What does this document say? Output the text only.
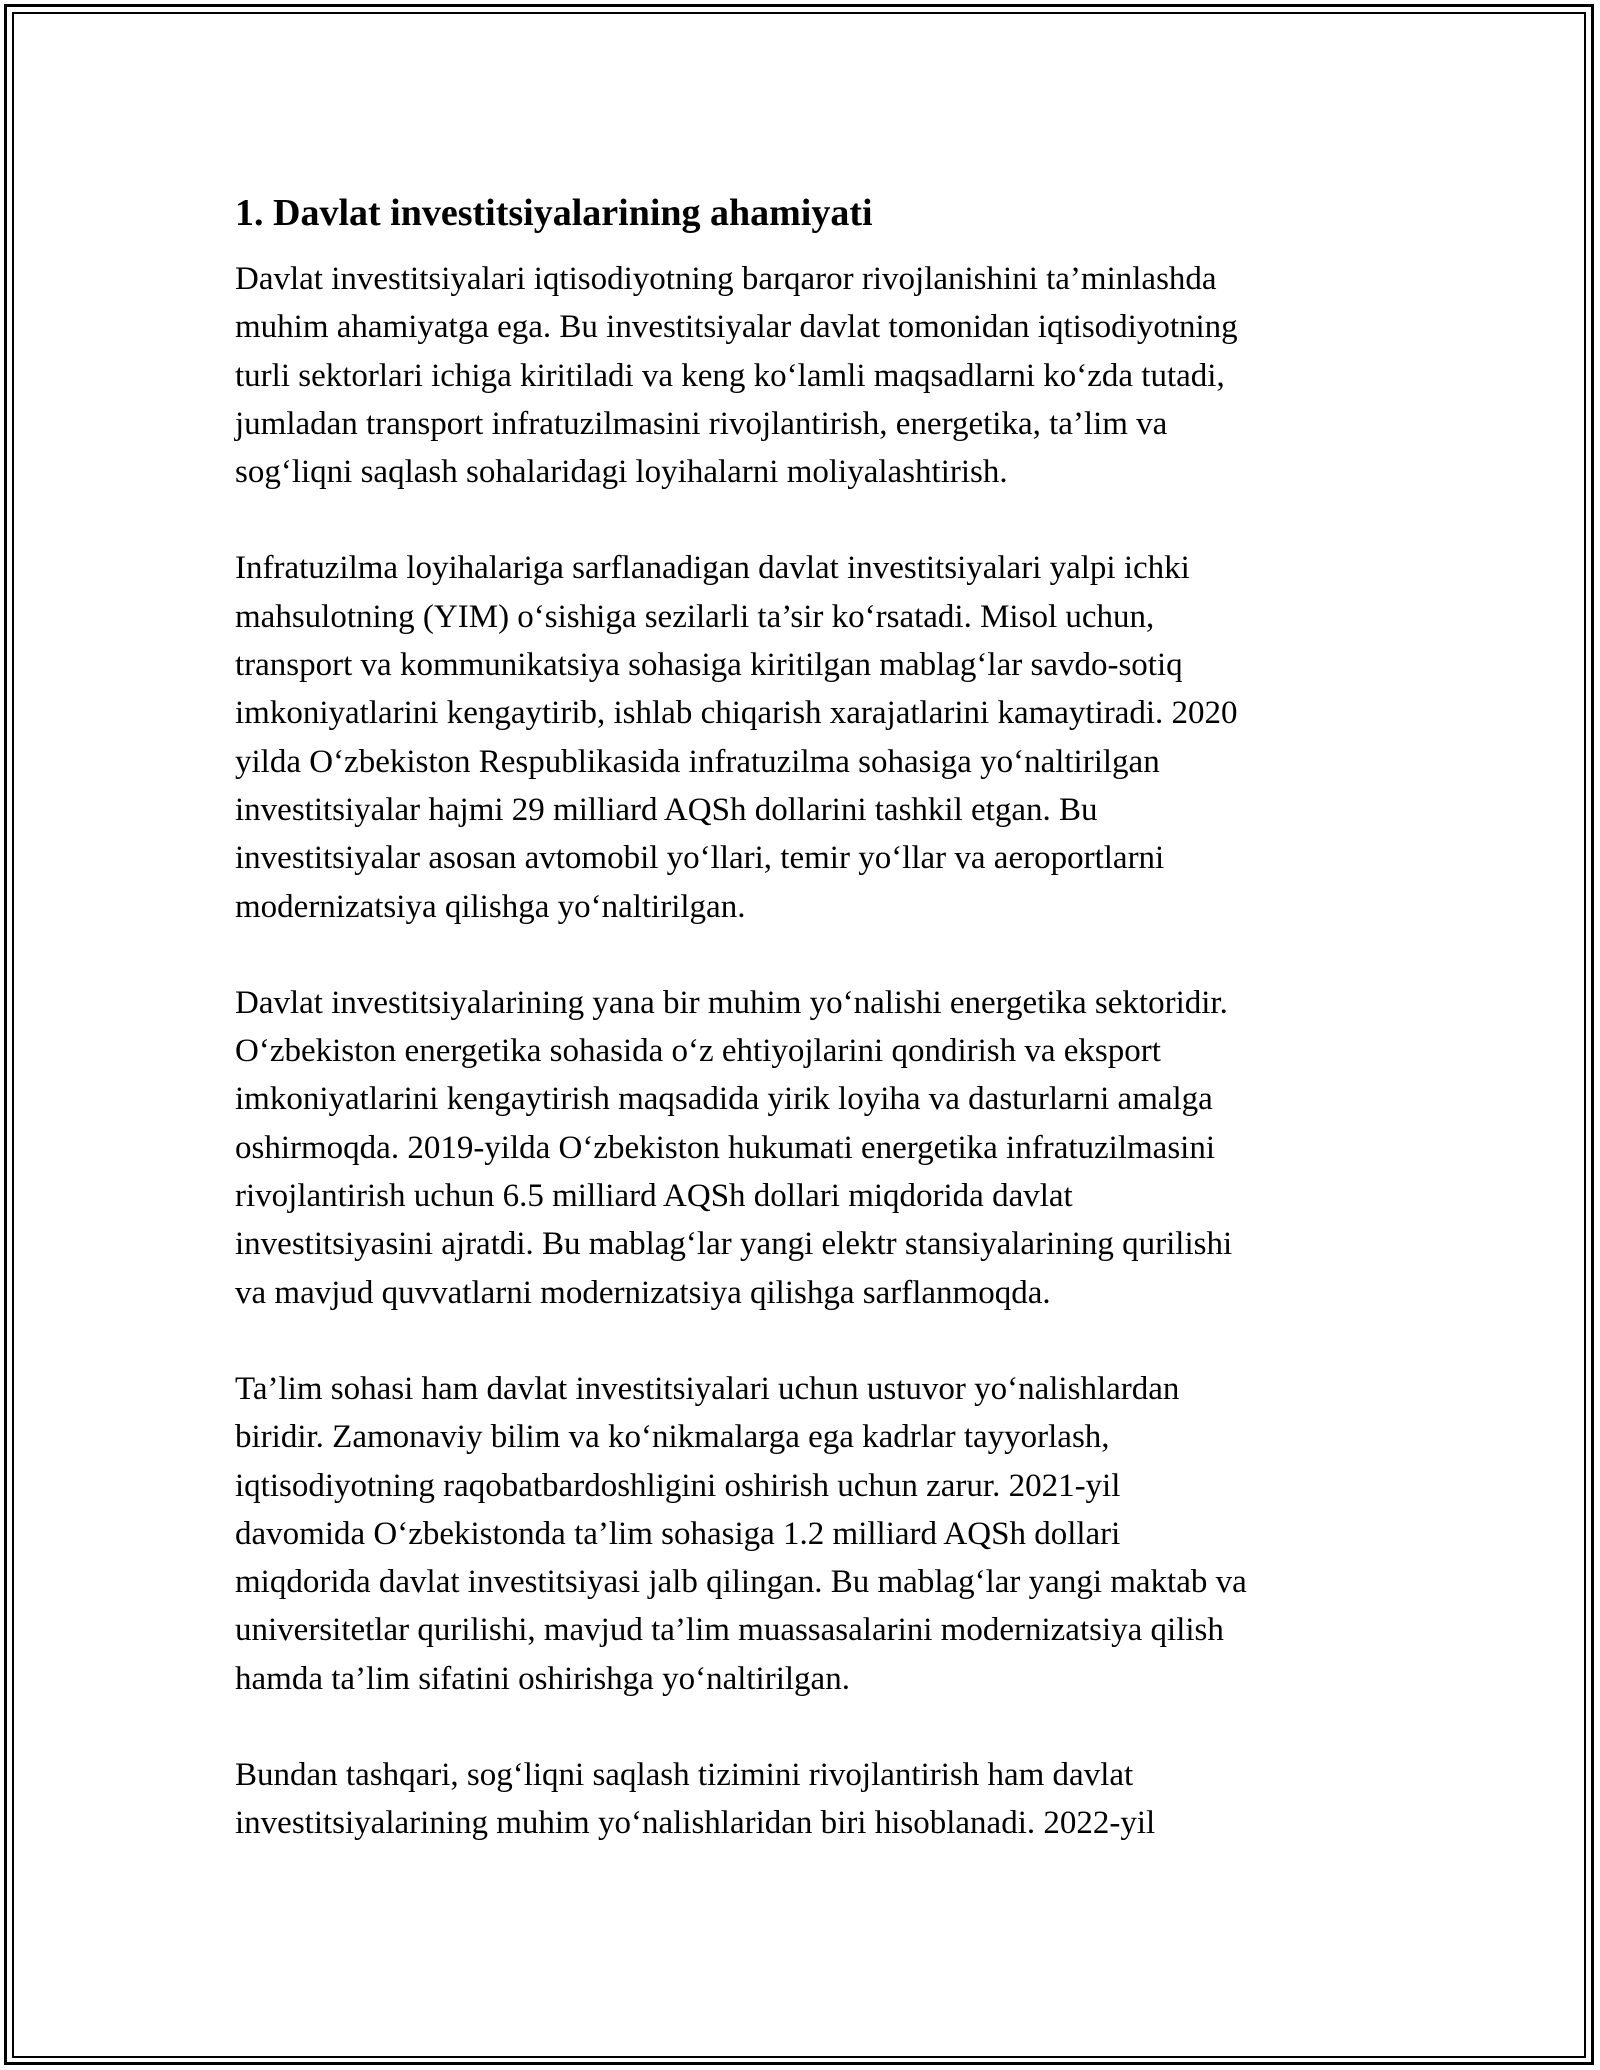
1. Davlat investitsiyalarining ahamiyati

Davlat investitsiyalari iqtisodiyotning barqaror rivojlanishini ta’minlashda
muhim ahamiyatga ega. Bu investitsiyalar davlat tomonidan iqtisodiyotning
turli sektorlari ichiga kiritiladi va keng ko‘lamli maqsadlarni ko‘zda tutadi,
jumladan transport infratuzilmasini rivojlantirish, energetika, ta’lim va
sog‘liqni saqlash sohalaridagi loyihalarni moliyalashtirish.

Infratuzilma loyihalariga sarflanadigan davlat investitsiyalari yalpi ichki
mahsulotning (YIM) o‘sishiga sezilarli ta’sir ko‘rsatadi. Misol uchun,
transport va kommunikatsiya sohasiga kiritilgan mablag‘lar savdo-sotiq
imkoniyatlarini kengaytirib, ishlab chiqarish xarajatlarini kamaytiradi. 2020
yilda O‘zbekiston Respublikasida infratuzilma sohasiga yo‘naltirilgan
investitsiyalar hajmi 29 milliard AQSh dollarini tashkil etgan. Bu
investitsiyalar asosan avtomobil yo‘llari, temir yo‘llar va aeroportlarni
modernizatsiya qilishga yo‘naltirilgan.

Davlat investitsiyalarining yana bir muhim yo‘nalishi energetika sektoridir.
O‘zbekiston energetika sohasida o‘z ehtiyojlarini qondirish va eksport
imkoniyatlarini kengaytirish maqsadida yirik loyiha va dasturlarni amalga
oshirmoqda. 2019-yilda O‘zbekiston hukumati energetika infratuzilmasini
rivojlantirish uchun 6.5 milliard AQSh dollari miqdorida davlat
investitsiyasini ajratdi. Bu mablag‘lar yangi elektr stansiyalarining qurilishi
va mavjud quvvatlarni modernizatsiya qilishga sarflanmoqda.

Ta’lim sohasi ham davlat investitsiyalari uchun ustuvor yo‘nalishlardan
biridir. Zamonaviy bilim va ko‘nikmalarga ega kadrlar tayyorlash,
iqtisodiyotning raqobatbardoshligini oshirish uchun zarur. 2021-yil
davomida O‘zbekistonda ta’lim sohasiga 1.2 milliard AQSh dollari
miqdorida davlat investitsiyasi jalb qilingan. Bu mablag‘lar yangi maktab va
universitetlar qurilishi, mavjud ta’lim muassasalarini modernizatsiya qilish
hamda ta’lim sifatini oshirishga yo‘naltirilgan.

Bundan tashqari, sog‘liqni saqlash tizimini rivojlantirish ham davlat
investitsiyalarining muhim yo‘nalishlaridan biri hisoblanadi. 2022-yil
